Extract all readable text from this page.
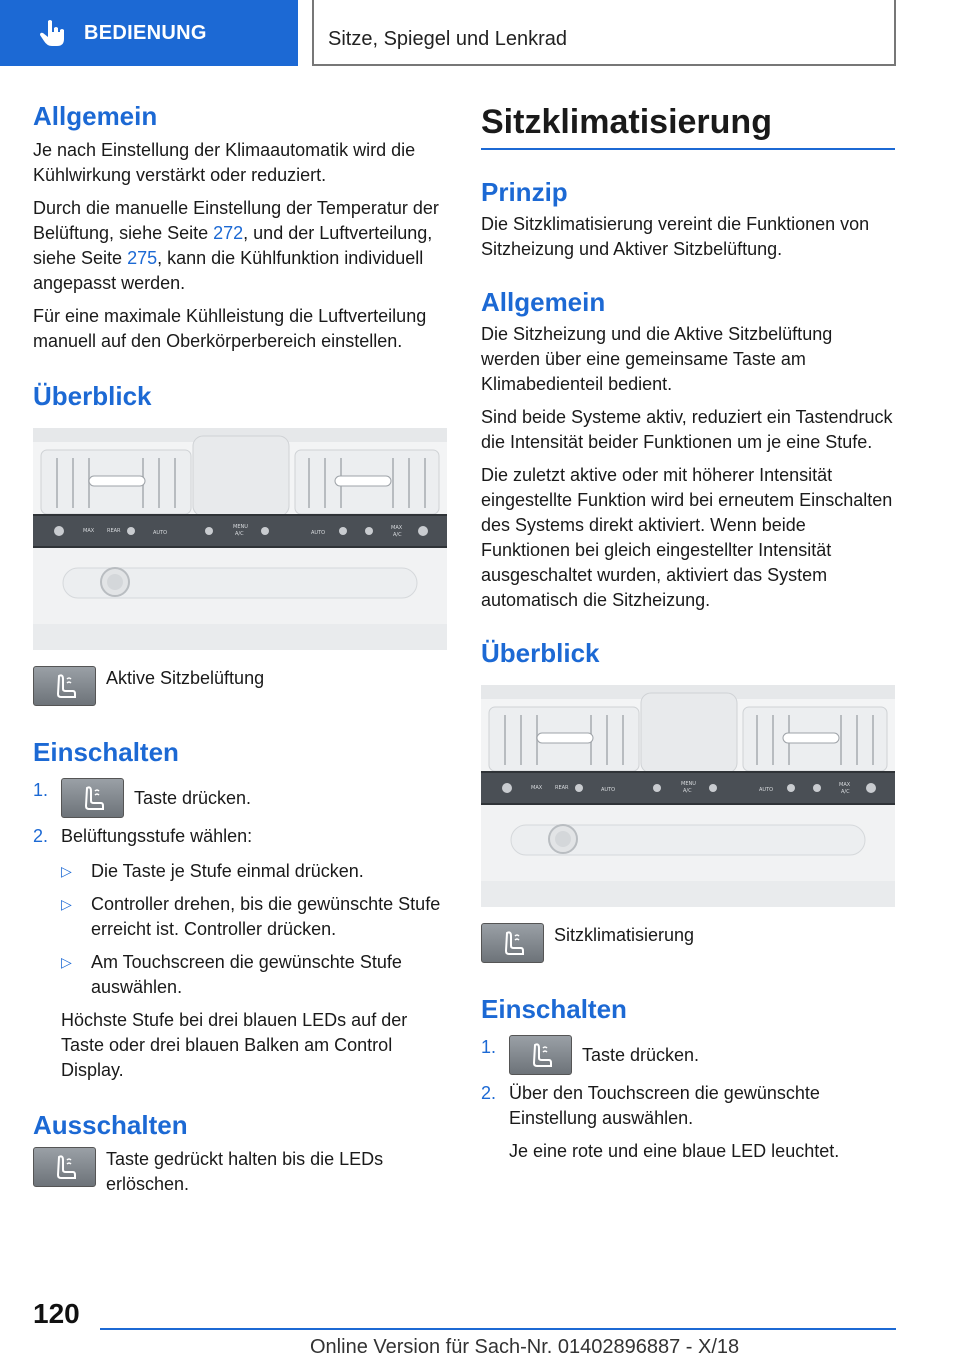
BEDIENUNG	Sitze, Spiegel und Lenkrad
Allgemein

Je nach Einstellung der Klimaautomatik wird die Kühlwirkung verstärkt oder reduziert.

Durch die manuelle Einstellung der Temperatur der Belüftung, siehe Seite 272, und der Luftverteilung, siehe Seite 275, kann die Kühlfunktion individuell angepasst werden.

Für eine maximale Kühlleistung die Luftverteilung manuell auf den Oberkörperbereich einstellen.

Überblick
MAX	REAR	AUTO
MENU
A/C	AUTO
MAX
A/C
Aktive Sitzbelüftung
Einschalten
1.	Taste drücken.
2. Belüftungsstufe wählen:
▷	Die Taste je Stufe einmal drücken.
▷	Controller drehen, bis die gewünschte Stufe erreicht ist. Controller drücken.
▷	Am Touchscreen die gewünschte Stufe auswählen.

Höchste Stufe bei drei blauen LEDs auf der Taste oder drei blauen Balken am Control Display.

Ausschalten
Taste gedrückt halten bis die LEDs erlöschen.
Sitzklimatisierung
Prinzip

Die Sitzklimatisierung vereint die Funktionen von Sitzheizung und Aktiver Sitzbelüftung.

Allgemein

Die Sitzheizung und die Aktive Sitzbelüftung werden über eine gemeinsame Taste am Klimabedienteil bedient.

Sind beide Systeme aktiv, reduziert ein Tastendruck die Intensität beider Funktionen um je eine Stufe.

Die zuletzt aktive oder mit höherer Intensität eingestellte Funktion wird bei erneutem Einschalten des Systems direkt aktiviert. Wenn beide Funktionen bei gleich eingestellter Intensität ausgeschaltet wurden, aktiviert das System automatisch die Sitzheizung.

Überblick
MAX	REAR	AUTO
MENU
A/C	AUTO
MAX
A/C
Sitzklimatisierung
Einschalten
1.	Taste drücken.
2. Über den Touchscreen die gewünschte Einstellung auswählen.

Je eine rote und eine blaue LED leuchtet.

120
Online Version für Sach-Nr. 01402896887 - X/18
